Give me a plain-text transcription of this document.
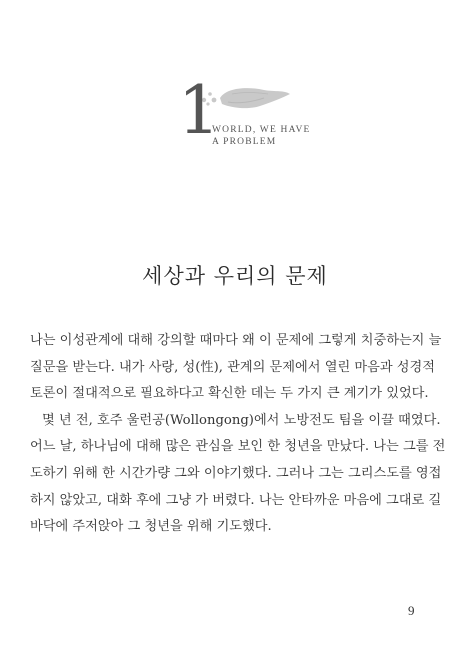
1
WORLD, WE HAVE
A PROBLEM
세상과 우리의 문제
나는 이성관계에 대해 강의할 때마다 왜 이 문제에 그렇게 치중하는지 늘
질문을 받는다. 내가 사랑, 성(性), 관계의 문제에서 열린 마음과 성경적
토론이 절대적으로 필요하다고 확신한 데는 두 가지 큰 계기가 있었다.
몇 년 전, 호주 울런공(Wollongong)에서 노방전도 팀을 이끌 때였다.
어느 날, 하나님에 대해 많은 관심을 보인 한 청년을 만났다. 나는 그를 전
도하기 위해 한 시간가량 그와 이야기했다. 그러나 그는 그리스도를 영접
하지 않았고, 대화 후에 그냥 가 버렸다. 나는 안타까운 마음에 그대로 길
바닥에 주저앉아 그 청년을 위해 기도했다.
9
